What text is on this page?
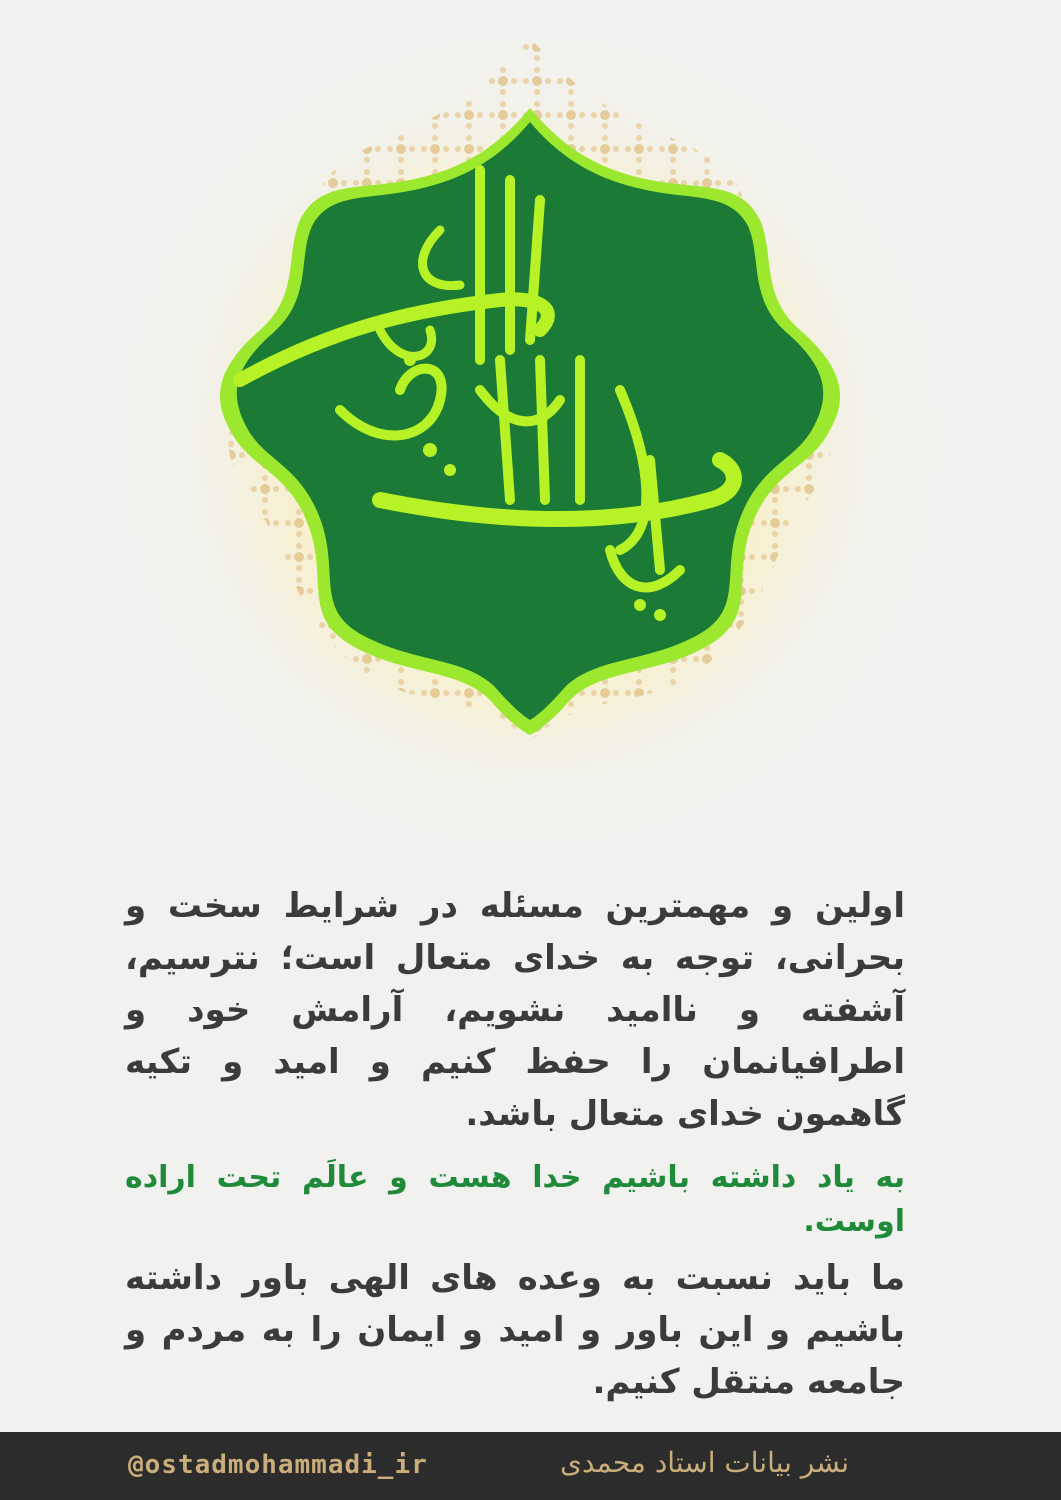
اولین و مهمترین مسئله در شرایط سخت و بحرانی، توجه به خدای متعال است؛ نترسیم، آشفته و ناامید نشویم، آرامش خود و اطرافیانمان را حفظ کنیم و امید و تکیه گاهمون خدای متعال باشد.

به یاد داشته باشیم خدا هست و عالَم تحت اراده اوست.

ما باید نسبت به وعده های الهی باور داشته باشیم و این باور و امید و ایمان را به مردم و جامعه منتقل کنیم.

@ostadmohammadi_ir	نشر بیانات استاد محمدی
